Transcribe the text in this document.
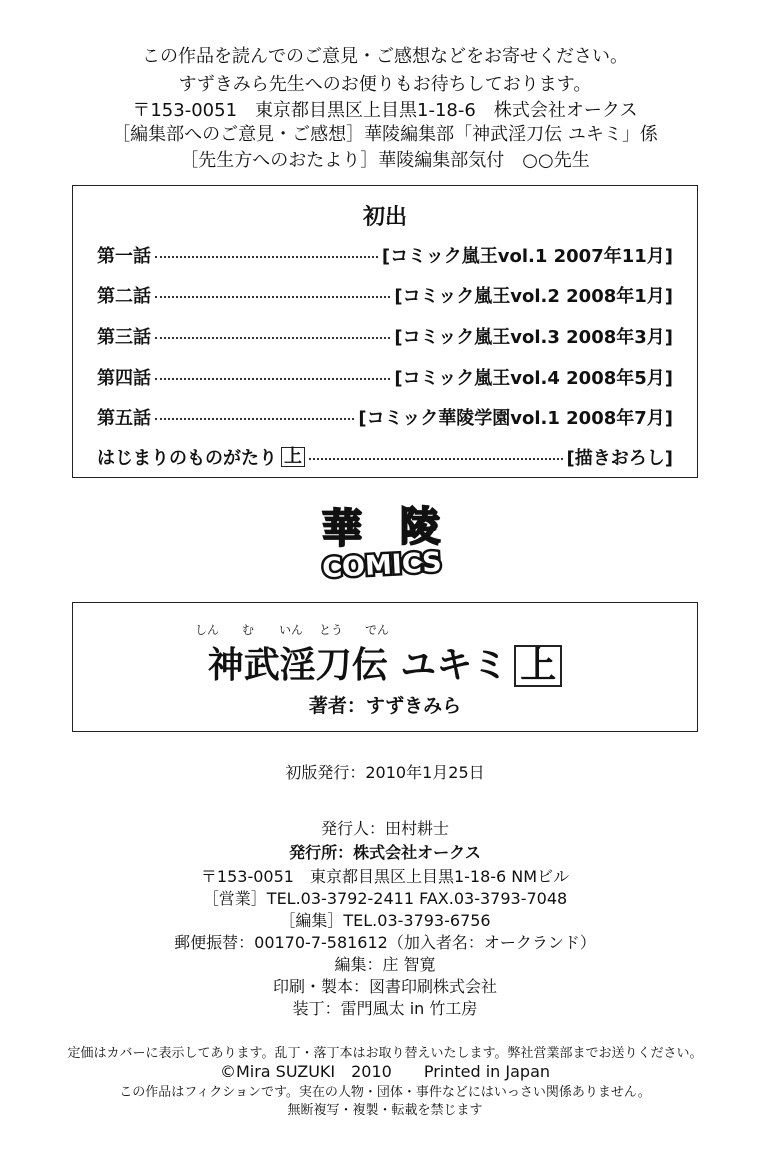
この作品を読んでのご意見・ご感想などをお寄せください。
すずきみら先生へのお便りもお待ちしております。
〒153-0051　東京都目黒区上目黒1-18-6　株式会社オークス
［編集部へのご意見・ご感想］華陵編集部「神武淫刀伝 ユキミ」係
［先生方へのおたより］華陵編集部気付　○○先生
初出
第一話	[コミック嵐王vol.1 2007年11月]
第二話	[コミック嵐王vol.2 2008年1月]
第三話	[コミック嵐王vol.3 2008年3月]
第四話	[コミック嵐王vol.4 2008年5月]
第五話	[コミック華陵学園vol.1 2008年7月]
はじまりのものがたり 上	[描きおろし]
華 陵
COMICS
しん む いん とう でん
神武淫刀伝 ユキミ 上
著者：すずきみら
初版発行：2010年1月25日
発行人：田村耕士
発行所：株式会社オークス
〒153-0051　東京都目黒区上目黒1-18-6 NMビル
［営業］TEL.03-3792-2411 FAX.03-3793-7048
［編集］TEL.03-3793-6756
郵便振替：00170-7-581612（加入者名：オークランド）
編集：庄 智寛
印刷・製本：図書印刷株式会社
装丁：雷門風太 in 竹工房
定価はカバーに表示してあります。乱丁・落丁本はお取り替えいたします。弊社営業部までお送りください。
©Mira SUZUKI　2010　　Printed in Japan
この作品はフィクションです。実在の人物・団体・事件などにはいっさい関係ありません。
無断複写・複製・転載を禁じます
